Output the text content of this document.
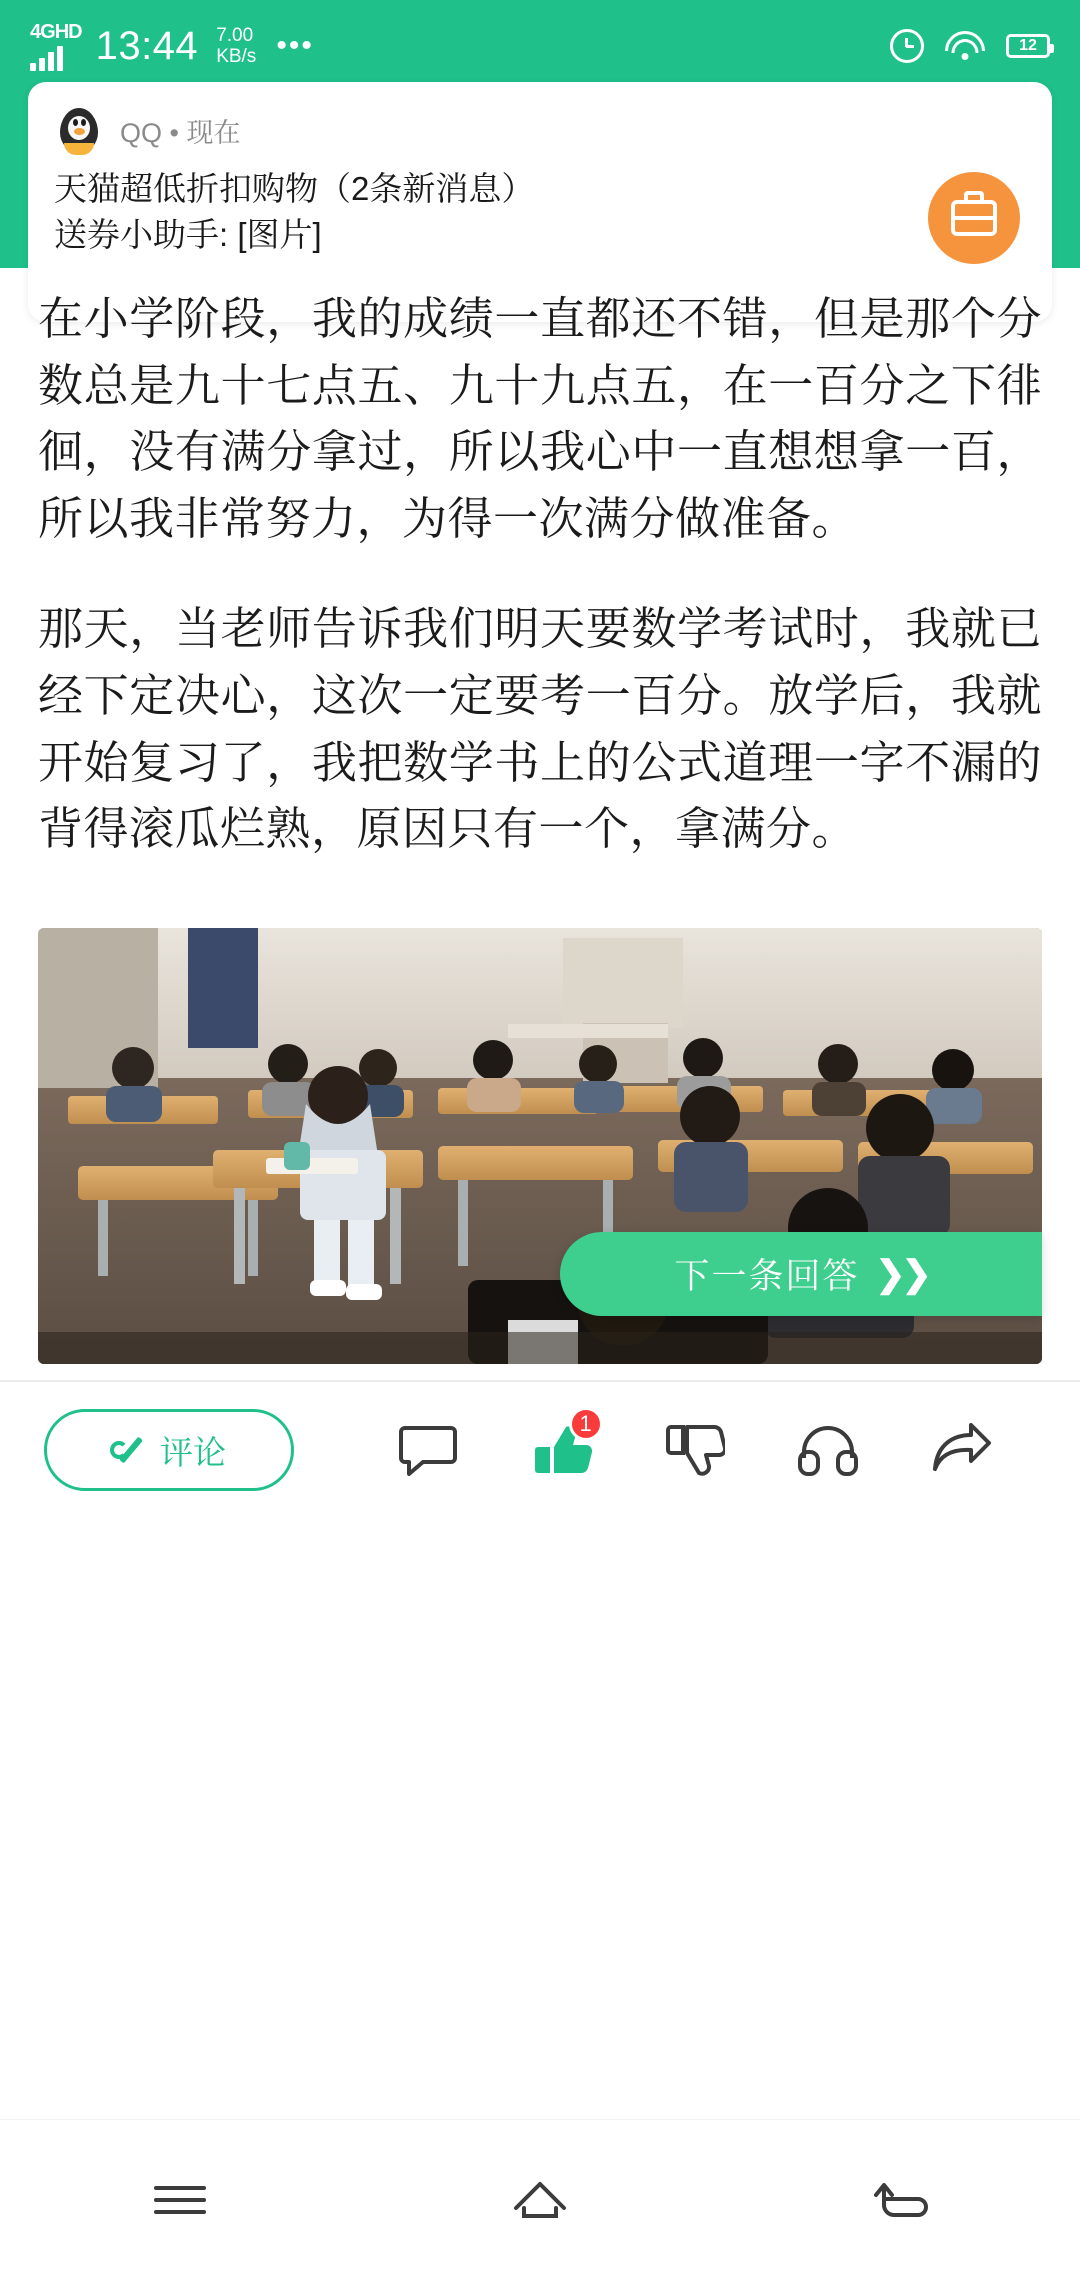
4GHD 13:44 7.00
KB/s •••	12
QQ • 现在
天猫超低折扣购物（2条新消息）
送券小助手: [图片]

在小学阶段，我的成绩一直都还不错，但是那个分数总是九十七点五、九十九点五，在一百分之下徘徊，没有满分拿过，所以我心中一直想想拿一百，所以我非常努力，为得一次满分做准备。

那天，当老师告诉我们明天要数学考试时，我就已经下定决心，这次一定要考一百分。放学后，我就开始复习了，我把数学书上的公式道理一字不漏的背得滚瓜烂熟，原因只有一个，拿满分。

下一条回答 ❯❯
评论
1
